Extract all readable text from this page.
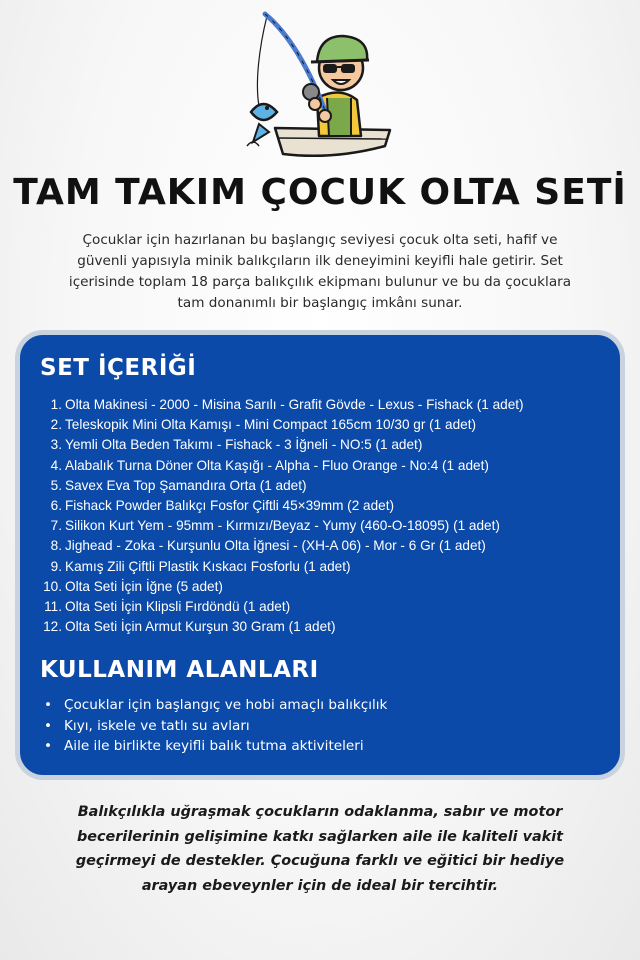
TAM TAKIM ÇOCUK OLTA SETİ

Çocuklar için hazırlanan bu başlangıç seviyesi çocuk olta seti, hafif ve güvenli yapısıyla minik balıkçıların ilk deneyimini keyifli hale getirir. Set içerisinde toplam 18 parça balıkçılık ekipmanı bulunur ve bu da çocuklara tam donanımlı bir başlangıç imkânı sunar.

SET İÇERİĞİ
1. Olta Makinesi - 2000 - Misina Sarılı - Grafit Gövde - Lexus - Fishack (1 adet)
2. Teleskopik Mini Olta Kamışı - Mini Compact 165cm 10/30 gr (1 adet)
3. Yemli Olta Beden Takımı - Fishack - 3 İğneli - NO:5 (1 adet)
4. Alabalık Turna Döner Olta Kaşığı - Alpha - Fluo Orange - No:4 (1 adet)
5. Savex Eva Top Şamandıra Orta (1 adet)
6. Fishack Powder Balıkçı Fosfor Çiftli 45×39mm (2 adet)
7. Silikon Kurt Yem - 95mm - Kırmızı/Beyaz - Yumy (460-O-18095) (1 adet)
8. Jighead - Zoka - Kurşunlu Olta İğnesi - (XH-A 06) - Mor - 6 Gr (1 adet)
9. Kamış Zili Çiftli Plastik Kıskacı Fosforlu (1 adet)
10. Olta Seti İçin İğne (5 adet)
11. Olta Seti İçin Klipsli Fırdöndü (1 adet)
12. Olta Seti İçin Armut Kurşun 30 Gram (1 adet)
KULLANIM ALANLARI
• Çocuklar için başlangıç ve hobi amaçlı balıkçılık
• Kıyı, iskele ve tatlı su avları
• Aile ile birlikte keyifli balık tutma aktiviteleri

Balıkçılıkla uğraşmak çocukların odaklanma, sabır ve motor becerilerinin gelişimine katkı sağlarken aile ile kaliteli vakit geçirmeyi de destekler. Çocuğuna farklı ve eğitici bir hediye arayan ebeveynler için de ideal bir tercihtir.
